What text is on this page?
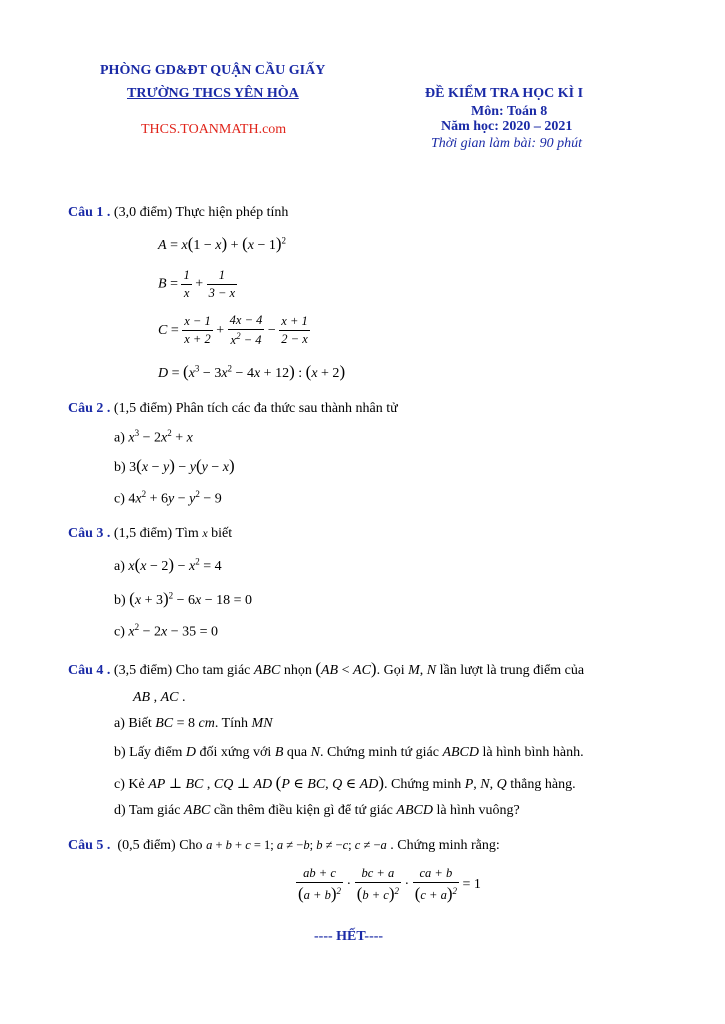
PHÒNG GD&ĐT QUẬN CẦU GIẤY
TRƯỜNG THCS YÊN HÒA
THCS.TOANMATH.com
ĐỀ KIỂM TRA HỌC KÌ I
Môn: Toán 8
Năm học: 2020 – 2021
Thời gian làm bài: 90 phút
Câu 1 . (3,0 điểm) Thực hiện phép tính
$A = x(1 - x) + (x - 1)^2$
$B = \frac{1}{x} + \frac{1}{3 - x}$
$C = \frac{x - 1}{x + 2} + \frac{4x - 4}{x^2 - 4} - \frac{x + 1}{2 - x}$
$D = (x^3 - 3x^2 - 4x + 12)$ : (x + 2)
Câu 2 . (1,5 điểm) Phân tích các đa thức sau thành nhân tử
a) $x^3 - 2x^2 + x$
b) 3(x − y) − y(y − x)
c) $4x^2 + 6y - y^2 - 9$
Câu 3 . (1,5 điểm) Tìm x biết
a) $x(x - 2) - x^2 = 4$
b) $(x + 3)^2 - 6x - 18 = 0$
c) $x^2 - 2x - 35 = 0$
Câu 4 . (3,5 điểm) Cho tam giác ABC nhọn (AB < AC). Gọi M, N lần lượt là trung điểm của
AB , AC .
a) Biết BC = 8 cm. Tính MN
b) Lấy điểm D đối xứng với B qua N. Chứng minh tứ giác ABCD là hình bình hành.
c) Kẻ AP ⊥ BC , CQ ⊥ AD (P ∈ BC, Q ∈ AD). Chứng minh P, N, Q thẳng hàng.
d) Tam giác ABC cần thêm điều kiện gì để tứ giác ABCD là hình vuông?
Câu 5 . (0,5 điểm) Cho a + b + c = 1; a ≠ −b; b ≠ −c; c ≠ −a . Chứng minh rằng:
$\frac{ab + c}{(a + b)^2} \cdot \frac{bc + a}{(b + c)^2} \cdot \frac{ca + b}{(c + a)^2} = 1$
---- HẾT----
